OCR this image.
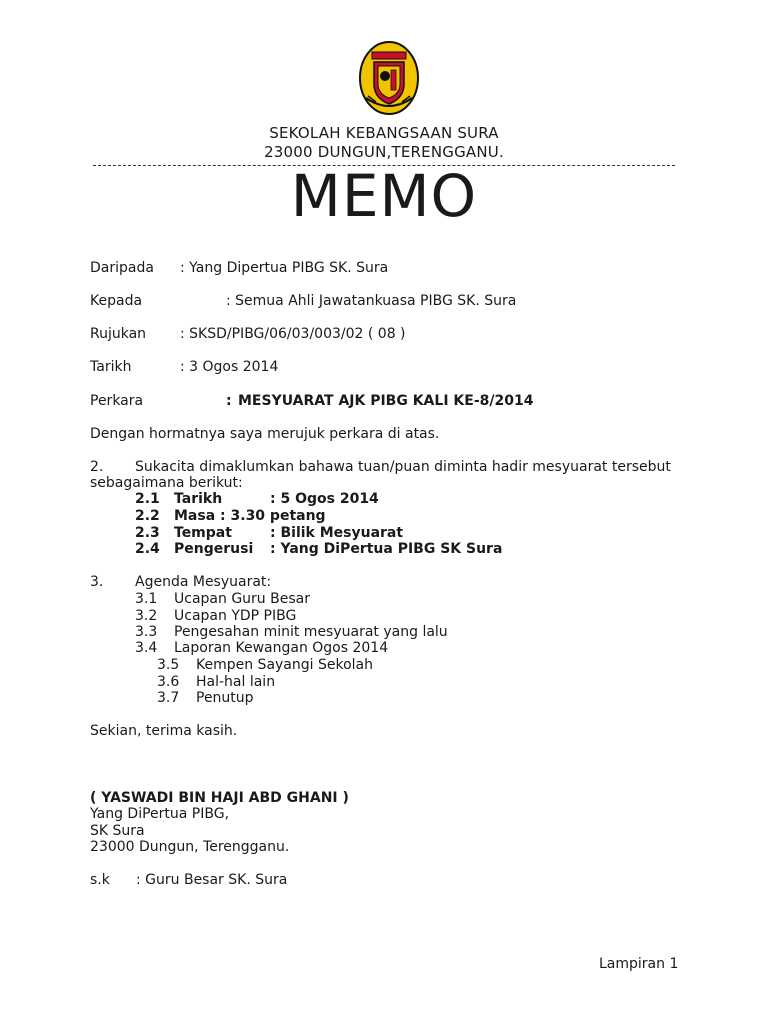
SEKOLAH KEBANGSAAN SURA
23000 DUNGUN,TERENGGANU.
MEMO
Daripada : Yang Dipertua PIBG SK. Sura
Kepada	: Semua Ahli Jawatankuasa PIBG SK. Sura
Rujukan : SKSD/PIBG/06/03/003/02 ( 08 )
Tarikh	: 3 Ogos 2014
Perkara	: MESYUARAT AJK PIBG KALI KE-8/2014
Dengan hormatnya saya merujuk perkara di atas.
2. Sukacita dimaklumkan bahawa tuan/puan diminta hadir mesyuarat tersebut
sebagaimana berikut:
2.1 Tarikh	: 5 Ogos 2014
2.2 Masa : 3.30 petang
2.3 Tempat	: Bilik Mesyuarat
2.4 Pengerusi : Yang DiPertua PIBG SK Sura
3. Agenda Mesyuarat:
3.1 Ucapan Guru Besar
3.2 Ucapan YDP PIBG
3.3 Pengesahan minit mesyuarat yang lalu
3.4 Laporan Kewangan Ogos 2014
3.5 Kempen Sayangi Sekolah
3.6 Hal-hal lain
3.7 Penutup
Sekian, terima kasih.
( YASWADI BIN HAJI ABD GHANI )
Yang DiPertua PIBG,
SK Sura
23000 Dungun, Terengganu.
s.k : Guru Besar SK. Sura
Lampiran 1
